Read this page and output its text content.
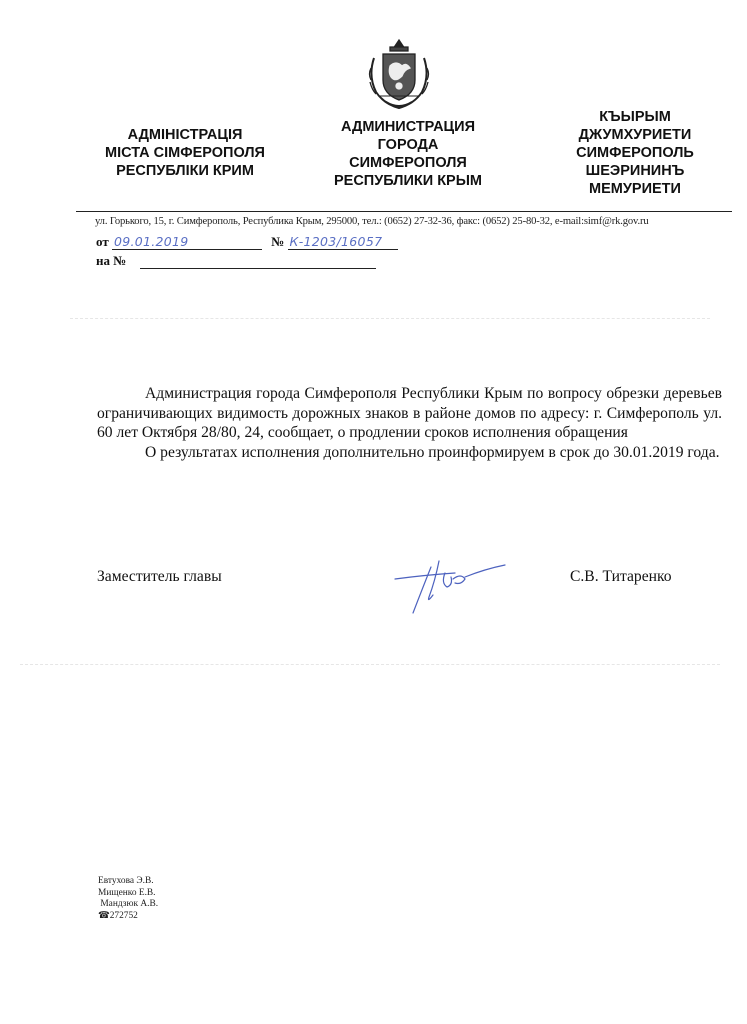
АДМІНІСТРАЦІЯ
МІСТА СІМФЕРОПОЛЯ
РЕСПУБЛІКИ КРИМ
АДМИНИСТРАЦИЯ
ГОРОДА
СИМФЕРОПОЛЯ
РЕСПУБЛИКИ КРЫМ
КЪЫРЫМ
ДЖУМХУРИЕТИ
СИМФЕРОПОЛЬ
ШЕЭРИНИНЪ
МЕМУРИЕТИ
ул. Горького, 15, г. Симферополь, Республика Крым, 295000, тел.: (0652) 27-32-36, факс: (0652) 25-80-32, e-mail:simf@rk.gov.ru
от 09.01.2019	№ К-1203/16057
на №

Администрация города Симферополя Республики Крым по вопросу обрезки деревьев ограничивающих видимость дорожных знаков в районе домов по адресу: г. Симферополь ул. 60 лет Октября 28/80, 24, сообщает, о продлении сроков исполнения обращения

О результатах исполнения дополнительно проинформируем в срок до 30.01.2019 года.

Заместитель главы	С.В. Титаренко
Евтухова Э.В.
Мищенко Е.В.
Мандзюк А.В.
☎272752
